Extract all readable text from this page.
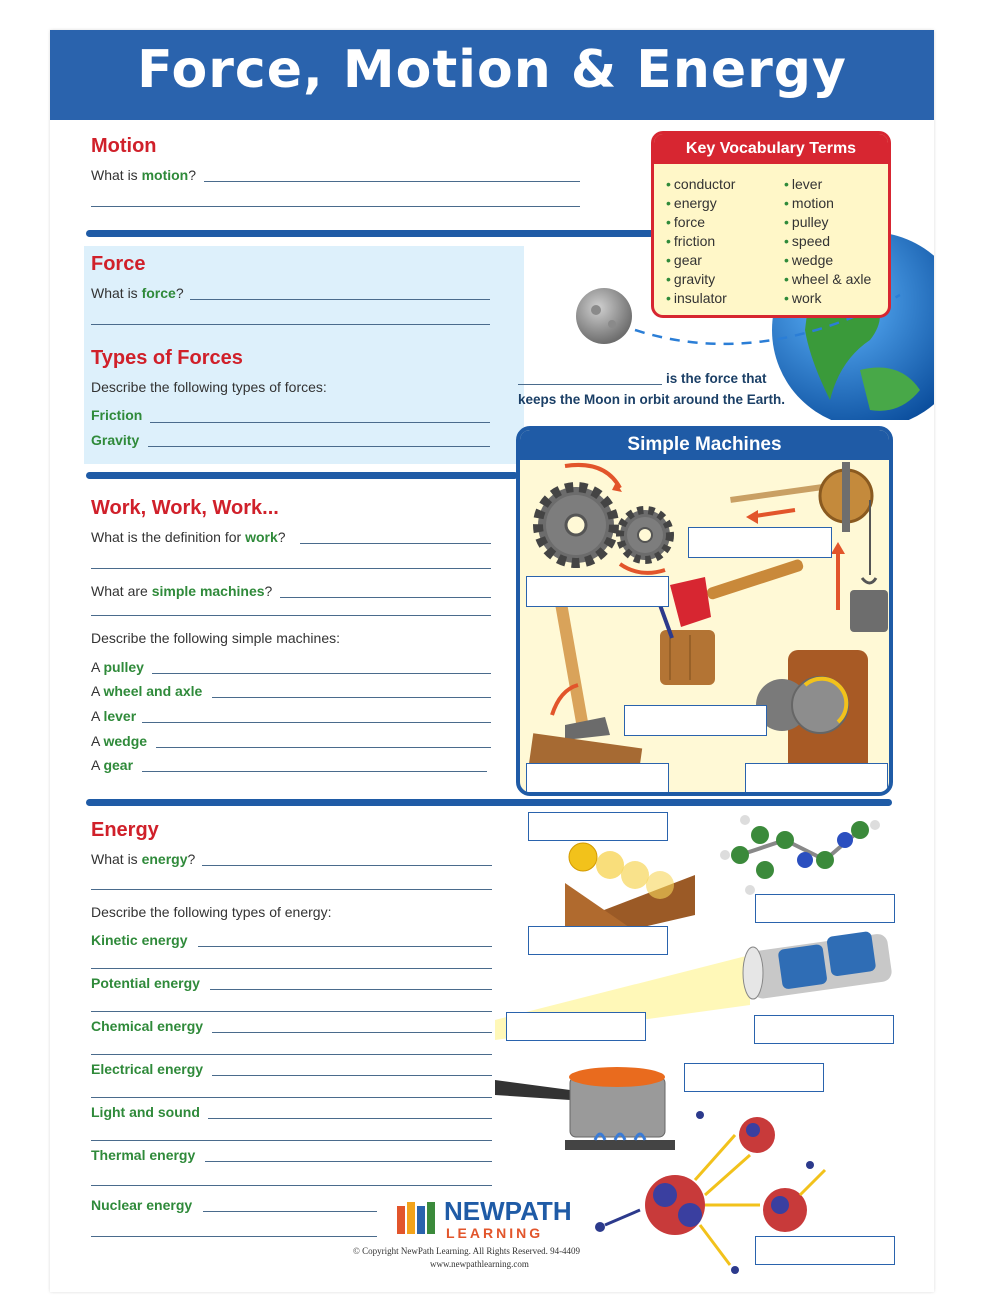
Force, Motion & Energy
Motion
What is motion?
Force
What is force?
Types of Forces
Describe the following types of forces:
Friction
Gravity
Key Vocabulary Terms
• conductor
• energy
• force
• friction
• gear
• gravity
• insulator
• lever
• motion
• pulley
• speed
• wedge
• wheel & axle
• work
is the force that
keeps the Moon in orbit around the Earth.
Work, Work, Work...
What is the definition for work?
What are simple machines?
Describe the following simple machines:
A pulley
A wheel and axle
A lever
A wedge
A gear
Simple Machines
Energy
What is energy?
Describe the following types of energy:
Kinetic energy
Potential energy
Chemical energy
Electrical energy
Light and sound
Thermal energy
Nuclear energy	NEWPATH
LEARNING
© Copyright NewPath Learning. All Rights Reserved. 94-4409
www.newpathlearning.com
